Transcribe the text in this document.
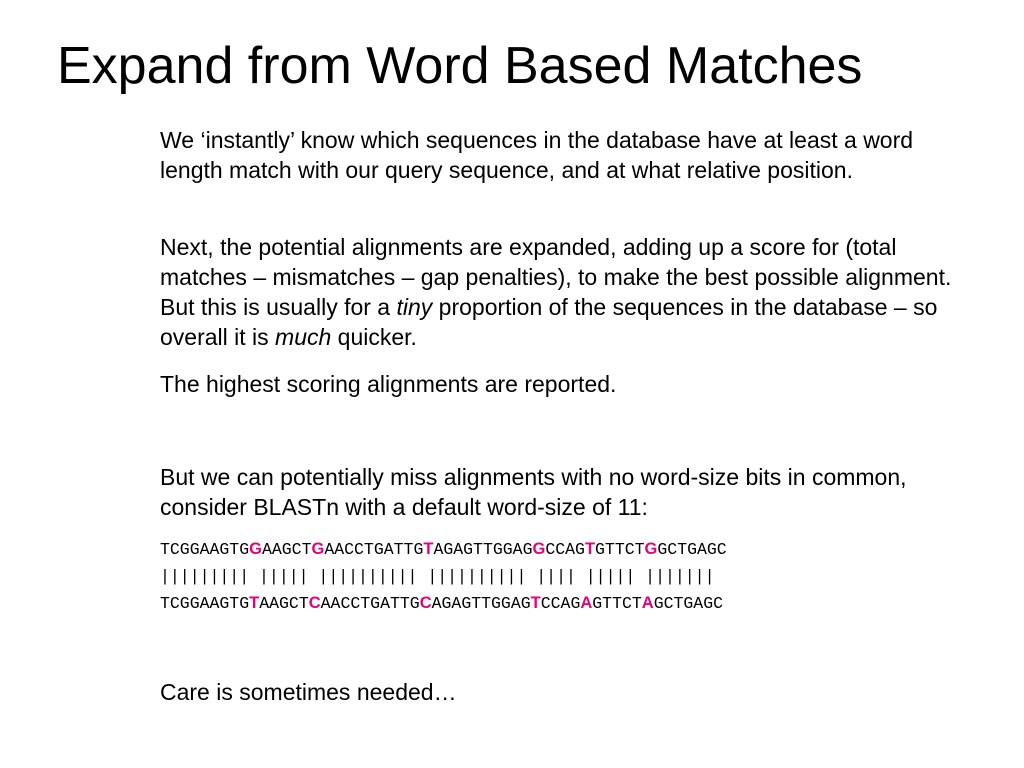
Expand from Word Based Matches

We ‘instantly’ know which sequences in the database have at least a word length match with our query sequence, and at what relative position.

Next, the potential alignments are expanded, adding up a score for (total matches – mismatches – gap penalties), to make the best possible alignment. But this is usually for a tiny proportion of the sequences in the database – so overall it is much quicker.

The highest scoring alignments are reported.

But we can potentially miss alignments with no word-size bits in common, consider BLASTn with a default word-size of 11:

TCGGAAGTGGAAGCTGAACCTGATTGTAGAGTTGGAGGCCAGTGTTCTGGCTGAGC
||||||||| ||||| |||||||||| |||||||||| |||| ||||| |||||||
TCGGAAGTGTAAGCTCAACCTGATTGCAGAGTTGGAGTCCAGAGTTCTAGCTGAGC

Care is sometimes needed…
